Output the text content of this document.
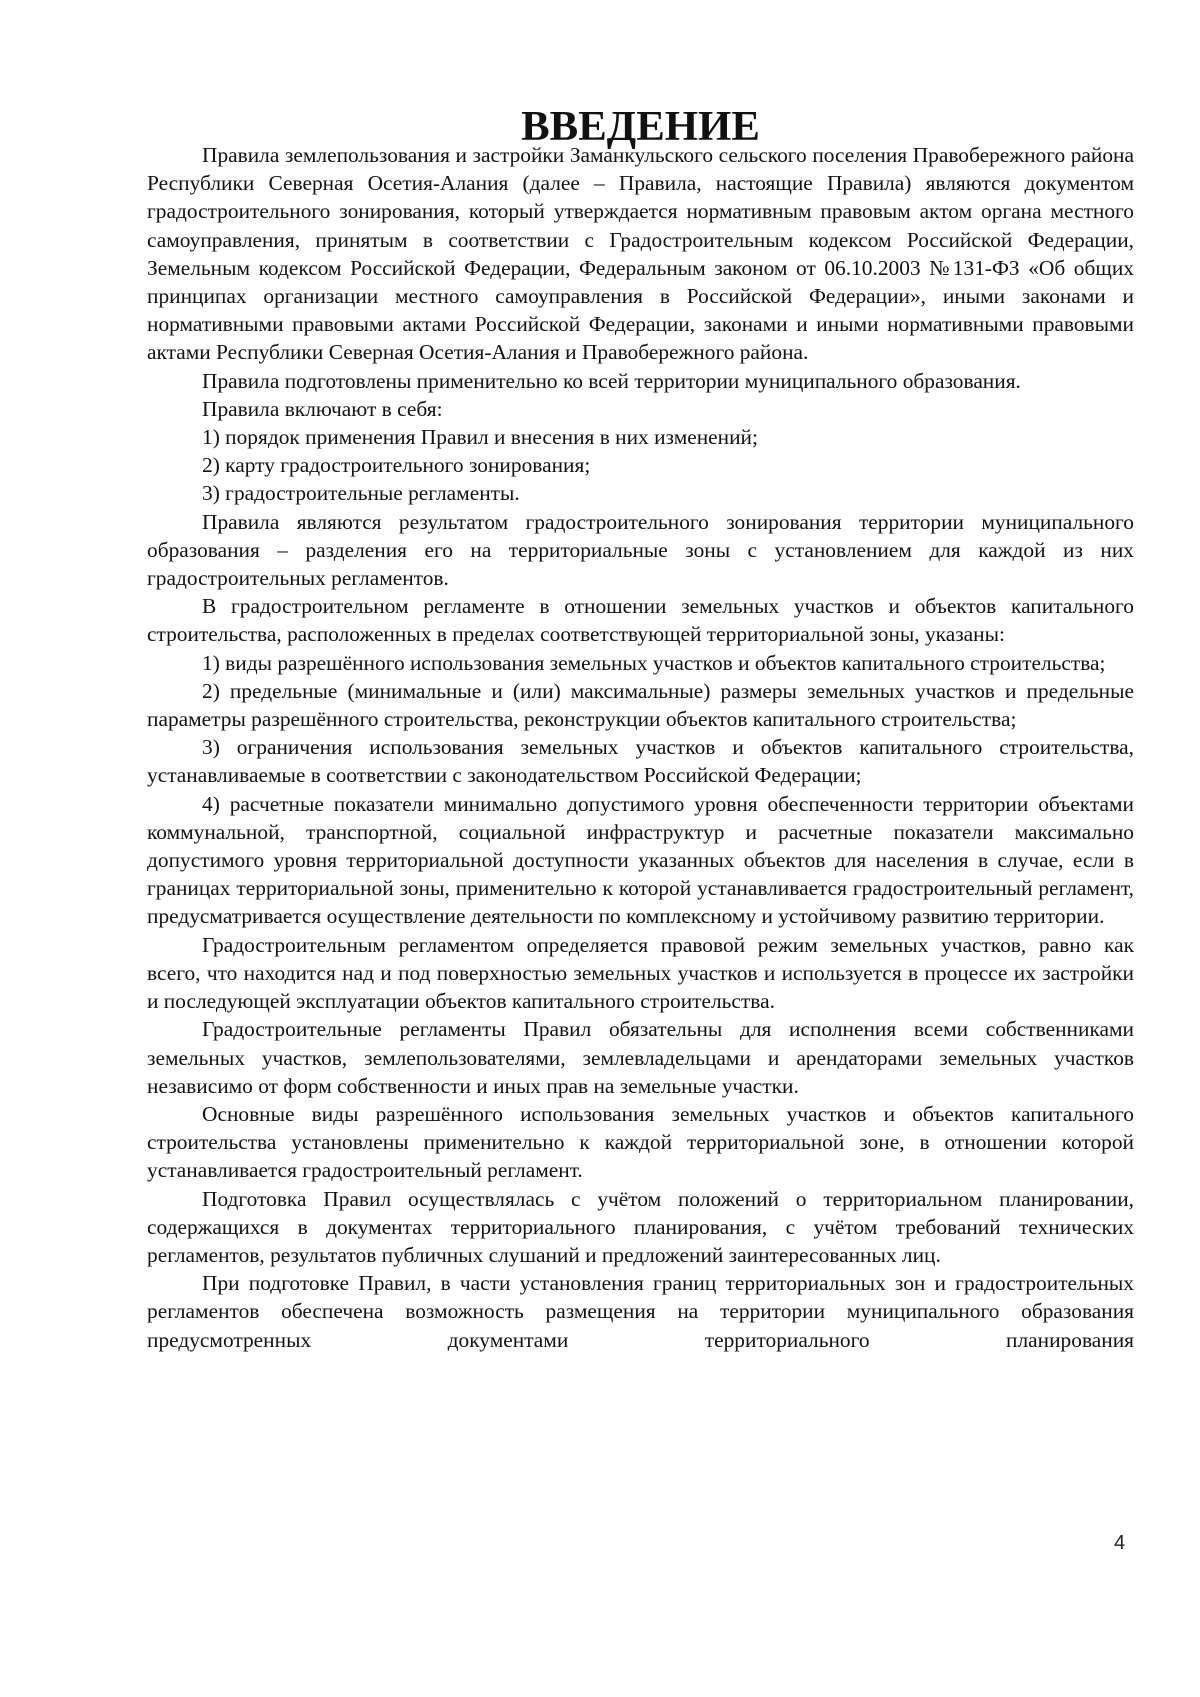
ВВЕДЕНИЕ

Правила землепользования и застройки Заманкульского сельского поселения Правобережного района Республики Северная Осетия-Алания (далее – Правила, настоящие Правила) являются документом градостроительного зонирования, который утверждается нормативным правовым актом органа местного самоуправления, принятым в соответствии с Градостроительным кодексом Российской Федерации, Земельным кодексом Российской Федерации, Федеральным законом от 06.10.2003 №131-ФЗ «Об общих принципах организации местного самоуправления в Российской Федерации», иными законами и нормативными правовыми актами Российской Федерации, законами и иными нормативными правовыми актами Республики Северная Осетия-Алания и Правобережного района.

Правила подготовлены применительно ко всей территории муниципального образования.

Правила включают в себя:

1) порядок применения Правил и внесения в них изменений;

2) карту градостроительного зонирования;

3) градостроительные регламенты.

Правила являются результатом градостроительного зонирования территории муниципального образования – разделения его на территориальные зоны с установлением для каждой из них градостроительных регламентов.

В градостроительном регламенте в отношении земельных участков и объектов капитального строительства, расположенных в пределах соответствующей территориальной зоны, указаны:

1) виды разрешённого использования земельных участков и объектов капитального строительства;

2) предельные (минимальные и (или) максимальные) размеры земельных участков и предельные параметры разрешённого строительства, реконструкции объектов капитального строительства;

3) ограничения использования земельных участков и объектов капитального строительства, устанавливаемые в соответствии с законодательством Российской Федерации;

4) расчетные показатели минимально допустимого уровня обеспеченности территории объектами коммунальной, транспортной, социальной инфраструктур и расчетные показатели максимально допустимого уровня территориальной доступности указанных объектов для населения в случае, если в границах территориальной зоны, применительно к которой устанавливается градостроительный регламент, предусматривается осуществление деятельности по комплексному и устойчивому развитию территории.

Градостроительным регламентом определяется правовой режим земельных участков, равно как всего, что находится над и под поверхностью земельных участков и используется в процессе их застройки и последующей эксплуатации объектов капитального строительства.

Градостроительные регламенты Правил обязательны для исполнения всеми собственниками земельных участков, землепользователями, землевладельцами и арендаторами земельных участков независимо от форм собственности и иных прав на земельные участки.

Основные виды разрешённого использования земельных участков и объектов капитального строительства установлены применительно к каждой территориальной зоне, в отношении которой устанавливается градостроительный регламент.

Подготовка Правил осуществлялась с учётом положений о территориальном планировании, содержащихся в документах территориального планирования, с учётом требований технических регламентов, результатов публичных слушаний и предложений заинтересованных лиц.

При подготовке Правил, в части установления границ территориальных зон и градостроительных регламентов обеспечена возможность размещения на территории муниципального образования предусмотренных документами территориального планирования

4
